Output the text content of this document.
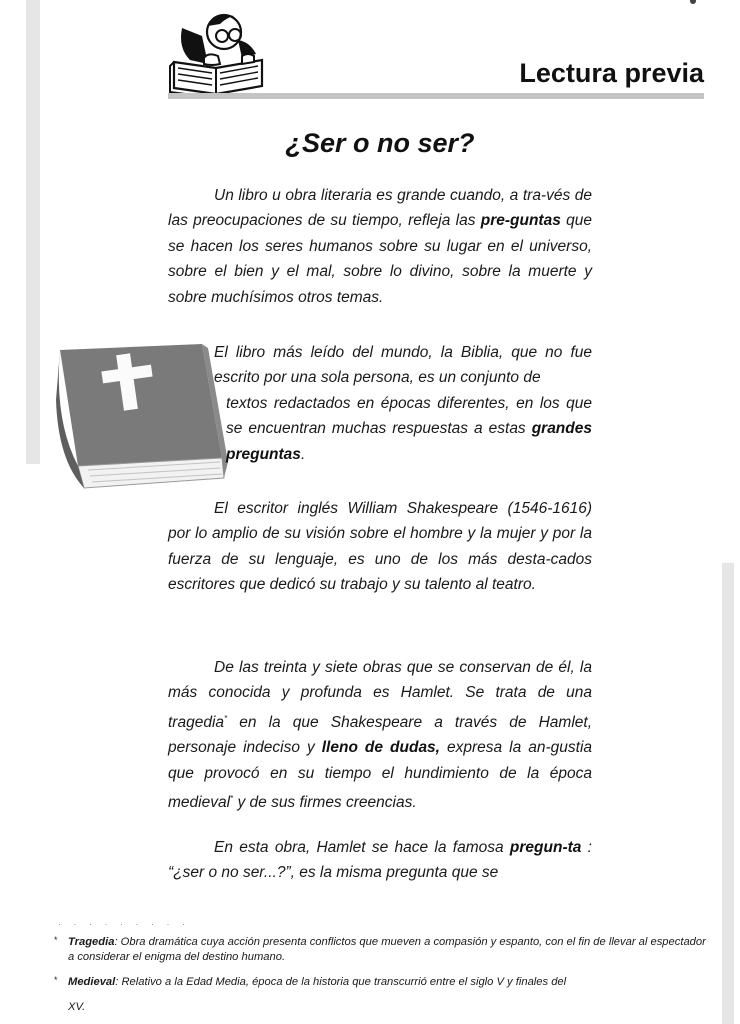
Lectura previa
¿Ser o no ser?

Un libro u obra literaria es grande cuando, a tra-vés de las preocupaciones de su tiempo, refleja las pre-guntas que se hacen los seres humanos sobre su lugar en el universo, sobre el bien y el mal, sobre lo divino, sobre la muerte y sobre muchísimos otros temas.

El libro más leído del mundo, la Biblia, que no fue escrito por una sola persona, es un conjunto de

textos redactados en épocas diferentes, en los que se encuentran muchas respuestas a estas grandes preguntas.

El escritor inglés William Shakespeare (1546-1616) por lo amplio de su visión sobre el hombre y la mujer y por la fuerza de su lenguaje, es uno de los más desta-cados escritores que dedicó su trabajo y su talento al teatro.

De las treinta y siete obras que se conservan de él, la más conocida y profunda es Hamlet. Se trata de una tragedia* en la que Shakespeare a través de Hamlet, personaje indeciso y lleno de dudas, expresa la an-gustia que provocó en su tiempo el hundimiento de la época medieval* y de sus firmes creencias.

En esta obra, Hamlet se hace la famosa pregun-ta : “¿ser o no ser...?”, es la misma pregunta que se

· · · · · · · · ·

* Tragedia: Obra dramática cuya acción presenta conflictos que mueven a compasión y espanto, con el fin de llevar al espectador a considerar el enigma del destino humano.

* Medieval: Relativo a la Edad Media, época de la historia que transcurrió entre el siglo V y finales del
XV.
